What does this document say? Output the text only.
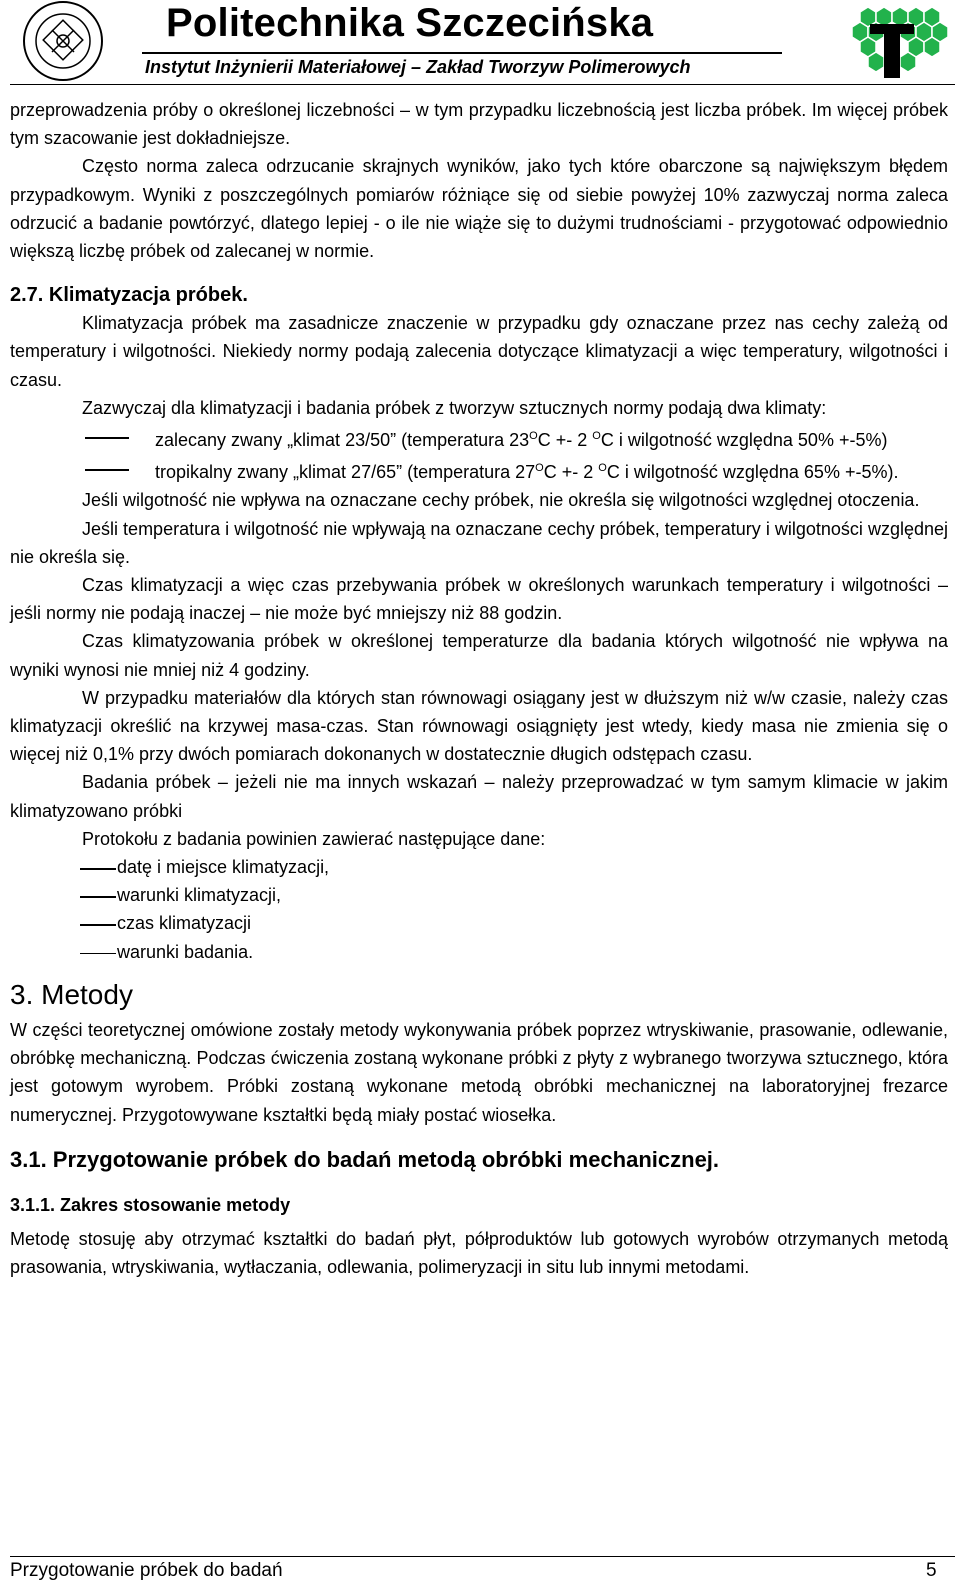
Politechnika Szczecińska
Instytut Inżynierii Materiałowej – Zakład Tworzyw Polimerowych

przeprowadzenia próby o określonej liczebności – w tym przypadku liczebnością jest liczba próbek. Im więcej próbek tym szacowanie jest dokładniejsze.

Często norma zaleca odrzucanie skrajnych wyników, jako tych które obarczone są największym błędem przypadkowym. Wyniki z poszczególnych pomiarów różniące się od siebie powyżej 10% zazwyczaj norma zaleca odrzucić a badanie powtórzyć, dlatego lepiej - o ile nie wiąże się to dużymi trudnościami - przygotować odpowiednio większą liczbę próbek od zalecanej w normie.

2.7. Klimatyzacja próbek.

Klimatyzacja próbek ma zasadnicze znaczenie w przypadku gdy oznaczane przez nas cechy zależą od temperatury i wilgotności. Niekiedy normy podają zalecenia dotyczące klimatyzacji a więc temperatury, wilgotności i czasu.

Zazwyczaj dla klimatyzacji i badania próbek z tworzyw sztucznych normy podają dwa klimaty:

zalecany zwany „klimat 23/50” (temperatura $23^OC +- 2$ $^O$C i wilgotność względna 50% +-5%)

tropikalny zwany „klimat 27/65” (temperatura $27^OC +- 2$ $^O$C i wilgotność względna 65% +-5%).

Jeśli wilgotność nie wpływa na oznaczane cechy próbek, nie określa się wilgotności względnej otoczenia.

Jeśli temperatura i wilgotność nie wpływają na oznaczane cechy próbek, temperatury i wilgotności względnej nie określa się.

Czas klimatyzacji a więc czas przebywania próbek w określonych warunkach temperatury i wilgotności – jeśli normy nie podają inaczej – nie może być mniejszy niż 88 godzin.

Czas klimatyzowania próbek w określonej temperaturze dla badania których wilgotność nie wpływa na wyniki wynosi nie mniej niż 4 godziny.

W przypadku materiałów dla których stan równowagi osiągany jest w dłuższym niż w/w czasie, należy czas klimatyzacji określić na krzywej masa-czas. Stan równowagi osiągnięty jest wtedy, kiedy masa nie zmienia się o więcej niż 0,1% przy dwóch pomiarach dokonanych w dostatecznie długich odstępach czasu.

Badania próbek – jeżeli nie ma innych wskazań – należy przeprowadzać w tym samym klimacie w jakim klimatyzowano próbki

Protokołu z badania powinien zawierać następujące dane:

datę i miejsce klimatyzacji,

warunki klimatyzacji,

czas klimatyzacji

warunki badania.

3. Metody

W części teoretycznej omówione zostały metody wykonywania próbek poprzez wtryskiwanie, prasowanie, odlewanie, obróbkę mechaniczną. Podczas ćwiczenia zostaną wykonane próbki z płyty z wybranego tworzywa sztucznego, która jest gotowym wyrobem. Próbki zostaną wykonane metodą obróbki mechanicznej na laboratoryjnej frezarce numerycznej. Przygotowywane kształtki będą miały postać wiosełka.

3.1. Przygotowanie próbek do badań metodą obróbki mechanicznej.

3.1.1. Zakres stosowanie metody

Metodę stosuję aby otrzymać kształtki do badań płyt, półproduktów lub gotowych wyrobów otrzymanych metodą prasowania, wtryskiwania, wytłaczania, odlewania, polimeryzacji in situ lub innymi metodami.

Przygotowanie próbek do badań	5
